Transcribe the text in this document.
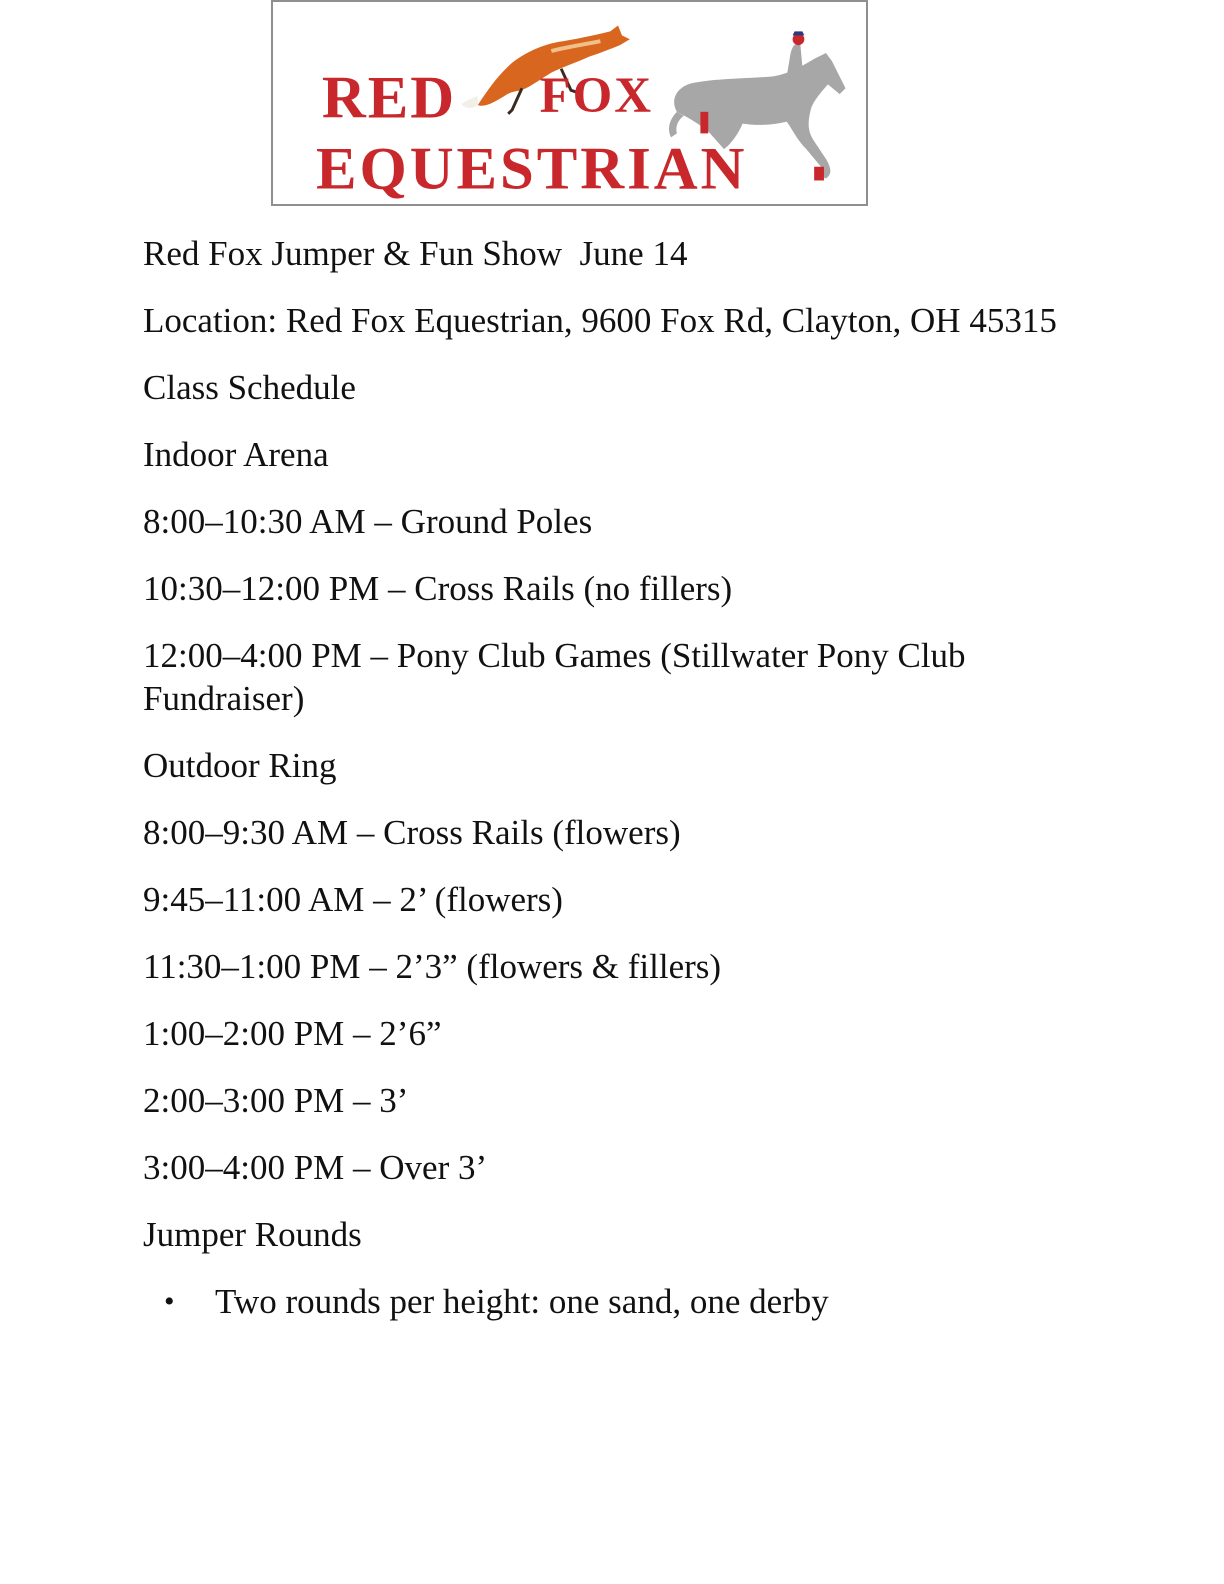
RED FOX
EQUESTRIAN

Red Fox Jumper & Fun Show  June 14

Location: Red Fox Equestrian, 9600 Fox Rd, Clayton, OH 45315

Class Schedule

Indoor Arena

8:00–10:30 AM – Ground Poles

10:30–12:00 PM – Cross Rails (no fillers)

12:00–4:00 PM – Pony Club Games (Stillwater Pony Club Fundraiser)

Outdoor Ring

8:00–9:30 AM – Cross Rails (flowers)

9:45–11:00 AM – 2’ (flowers)

11:30–1:00 PM – 2’3” (flowers & fillers)

1:00–2:00 PM – 2’6”

2:00–3:00 PM – 3’

3:00–4:00 PM – Over 3’

Jumper Rounds

• Two rounds per height: one sand, one derby
